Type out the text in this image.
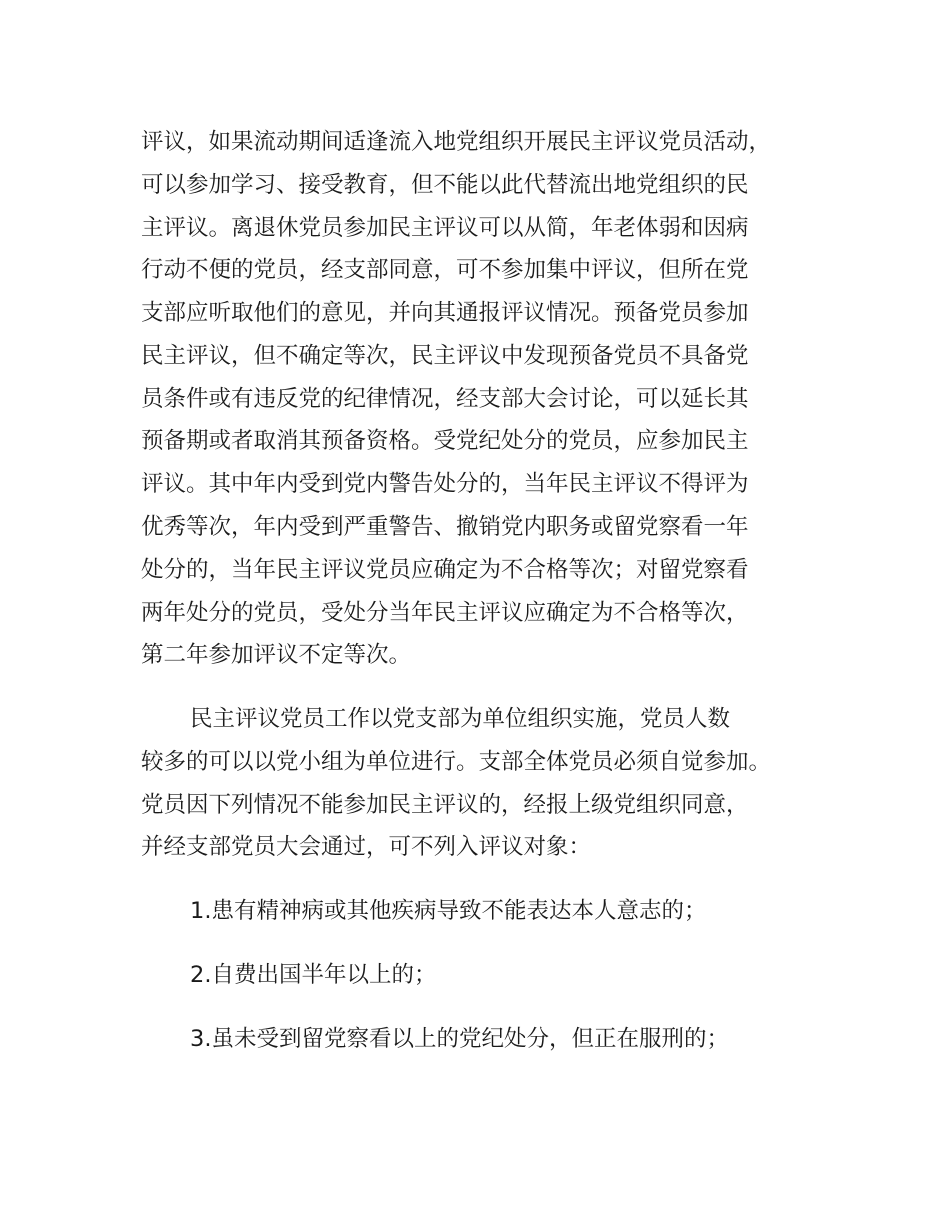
评议，如果流动期间适逢流入地党组织开展民主评议党员活动，
可以参加学习、接受教育，但不能以此代替流出地党组织的民
主评议。离退休党员参加民主评议可以从简，年老体弱和因病
行动不便的党员，经支部同意，可不参加集中评议，但所在党
支部应听取他们的意见，并向其通报评议情况。预备党员参加
民主评议，但不确定等次，民主评议中发现预备党员不具备党
员条件或有违反党的纪律情况，经支部大会讨论，可以延长其
预备期或者取消其预备资格。受党纪处分的党员，应参加民主
评议。其中年内受到党内警告处分的，当年民主评议不得评为
优秀等次，年内受到严重警告、撤销党内职务或留党察看一年
处分的，当年民主评议党员应确定为不合格等次；对留党察看
两年处分的党员，受处分当年民主评议应确定为不合格等次，
第二年参加评议不定等次。
民主评议党员工作以党支部为单位组织实施，党员人数
较多的可以以党小组为单位进行。支部全体党员必须自觉参加。
党员因下列情况不能参加民主评议的，经报上级党组织同意，
并经支部党员大会通过，可不列入评议对象：
1.患有精神病或其他疾病导致不能表达本人意志的；
2.自费出国半年以上的；
3.虽未受到留党察看以上的党纪处分，但正在服刑的；
